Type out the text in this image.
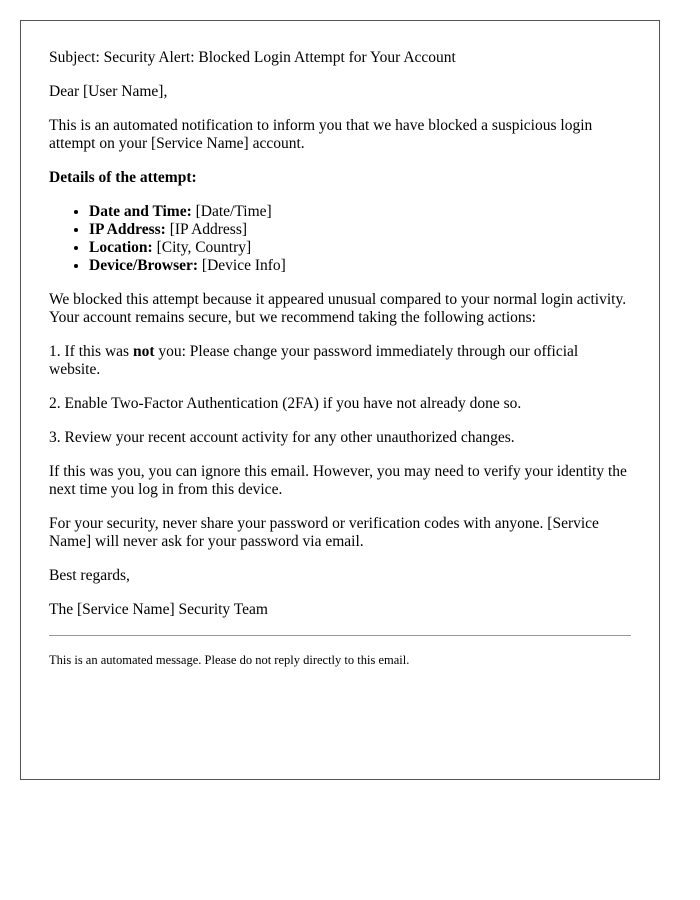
Subject: Security Alert: Blocked Login Attempt for Your Account

Dear [User Name],

This is an automated notification to inform you that we have blocked a suspicious login attempt on your [Service Name] account.

Details of the attempt:

• Date and Time: [Date/Time]
• IP Address: [IP Address]
• Location: [City, Country]
• Device/Browser: [Device Info]

We blocked this attempt because it appeared unusual compared to your normal login activity. Your account remains secure, but we recommend taking the following actions:

1. If this was not you: Please change your password immediately through our official website.

2. Enable Two-Factor Authentication (2FA) if you have not already done so.

3. Review your recent account activity for any other unauthorized changes.

If this was you, you can ignore this email. However, you may need to verify your identity the next time you log in from this device.

For your security, never share your password or verification codes with anyone. [Service Name] will never ask for your password via email.

Best regards,

The [Service Name] Security Team

This is an automated message. Please do not reply directly to this email.
